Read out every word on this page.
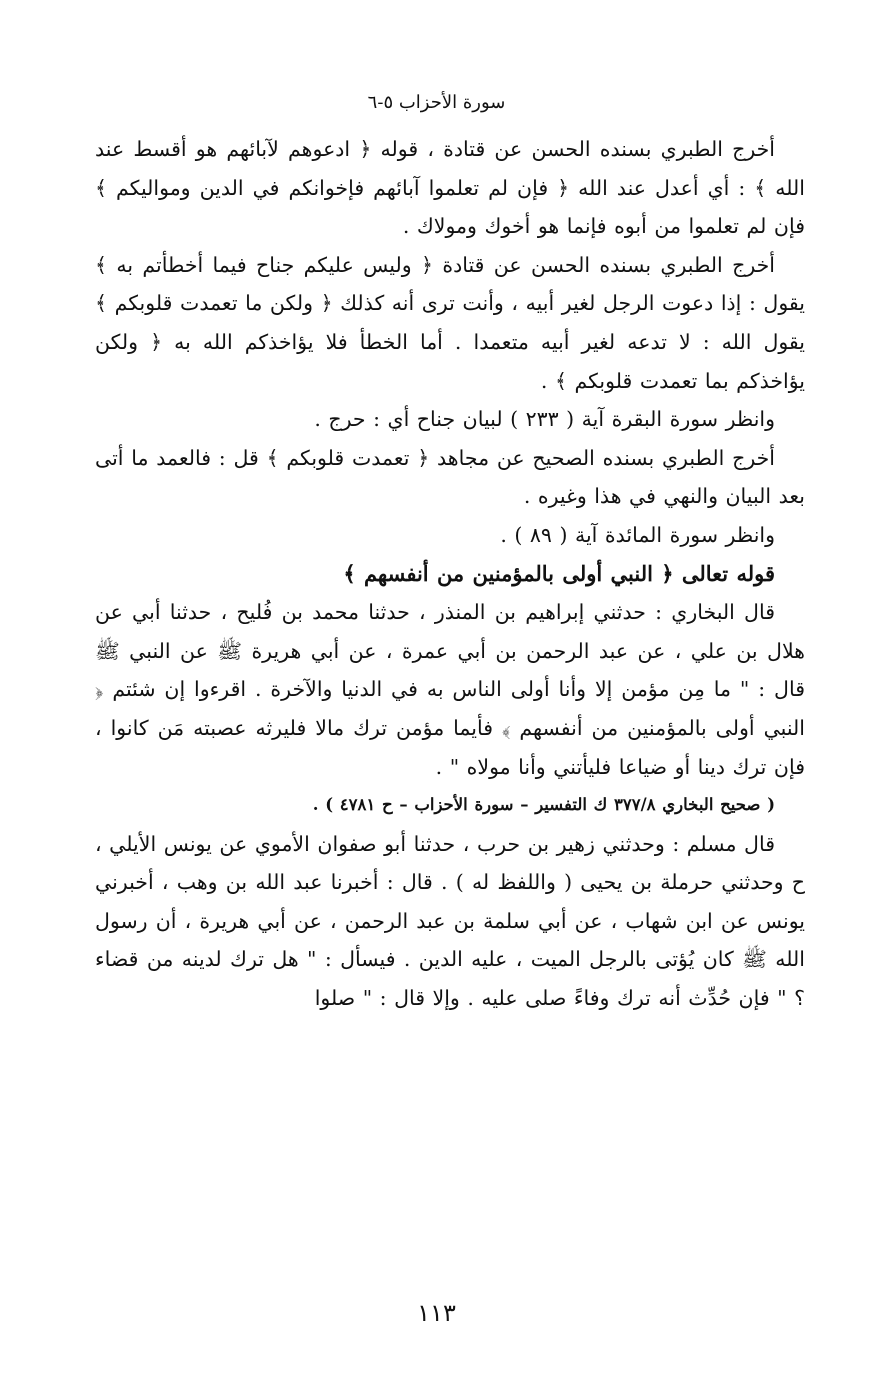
سورة الأحزاب ٥-٦

أخرج الطبري بسنده الحسن عن قتادة ، قوله ﴿ ادعوهم لآبائهم هو أقسط عند الله ﴾ : أي أعدل عند الله ﴿ فإن لم تعلموا آبائهم فإخوانكم في الدين ومواليكم ﴾ فإن لم تعلموا من أبوه فإنما هو أخوك ومولاك .

أخرج الطبري بسنده الحسن عن قتادة ﴿ وليس عليكم جناح فيما أخطأتم به ﴾ يقول : إذا دعوت الرجل لغير أبيه ، وأنت ترى أنه كذلك ﴿ ولكن ما تعمدت قلوبكم ﴾ يقول الله : لا تدعه لغير أبيه متعمدا . أما الخطأ فلا يؤاخذكم الله به ﴿ ولكن يؤاخذكم بما تعمدت قلوبكم ﴾ .

وانظر سورة البقرة آية ( ٢٣٣ ) لبيان جناح أي : حرج .

أخرج الطبري بسنده الصحيح عن مجاهد ﴿ تعمدت قلوبكم ﴾ قل : فالعمد ما أتى بعد البيان والنهي في هذا وغيره .

وانظر سورة المائدة آية ( ٨٩ ) .

قوله تعالى ﴿ النبي أولى بالمؤمنين من أنفسهم ﴾

قال البخاري : حدثني إبراهيم بن المنذر ، حدثنا محمد بن فُليح ، حدثنا أبي عن هلال بن علي ، عن عبد الرحمن بن أبي عمرة ، عن أبي هريرة ﷺ عن النبي ﷺ قال : " ما مِن مؤمن إلا وأنا أولى الناس به في الدنيا والآخرة . اقرءوا إن شئتم ﴿ النبي أولى بالمؤمنين من أنفسهم ﴾ فأيما مؤمن ترك مالا فليرثه عصبته مَن كانوا ، فإن ترك دينا أو ضياعا فليأتني وأنا مولاه " .

( صحيح البخاري ٣٧٧/٨ ك التفسير – سورة الأحزاب – ح ٤٧٨١ ) .

قال مسلم : وحدثني زهير بن حرب ، حدثنا أبو صفوان الأموي عن يونس الأيلي ، ح وحدثني حرملة بن يحيى ( واللفظ له ) . قال : أخبرنا عبد الله بن وهب ، أخبرني يونس عن ابن شهاب ، عن أبي سلمة بن عبد الرحمن ، عن أبي هريرة ، أن رسول الله ﷺ كان يُؤتى بالرجل الميت ، عليه الدين . فيسأل : " هل ترك لدينه من قضاء ؟ " فإن حُدِّث أنه ترك وفاءً صلى عليه . وإلا قال : " صلوا

١١٣
